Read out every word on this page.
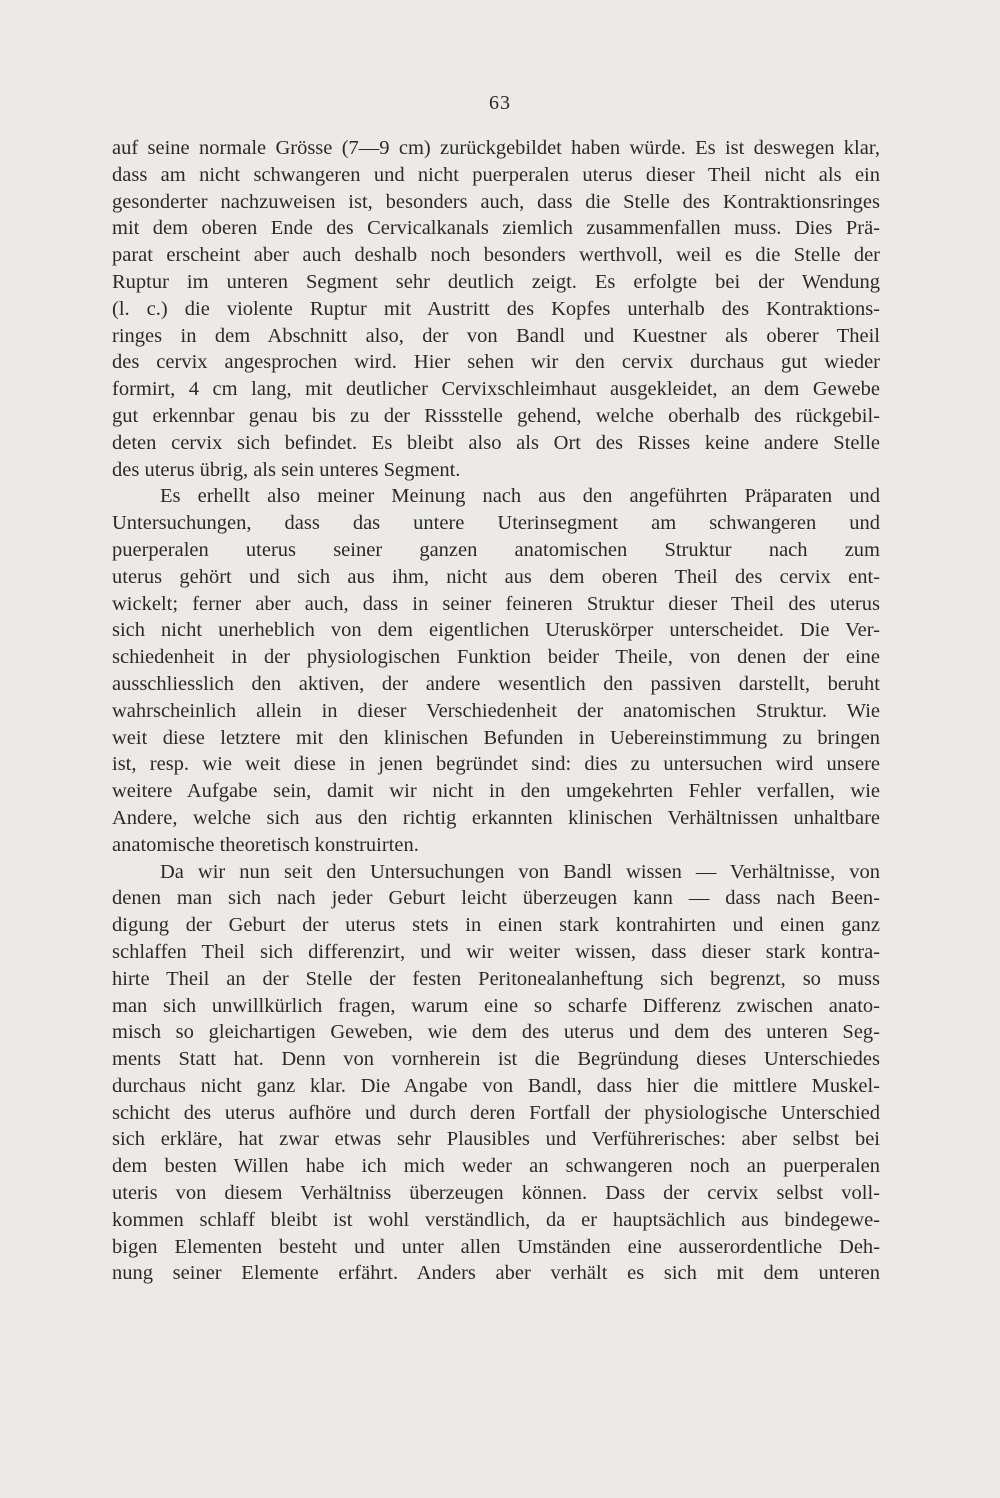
63
auf seine normale Grösse (7—9 cm) zurückgebildet haben würde. Es ist deswegen klar,
dass am nicht schwangeren und nicht puerperalen uterus dieser Theil nicht als ein
gesonderter nachzuweisen ist, besonders auch, dass die Stelle des Kontraktionsringes
mit dem oberen Ende des Cervicalkanals ziemlich zusammenfallen muss. Dies Prä-
parat erscheint aber auch deshalb noch besonders werthvoll, weil es die Stelle der
Ruptur im unteren Segment sehr deutlich zeigt. Es erfolgte bei der Wendung
(l. c.) die violente Ruptur mit Austritt des Kopfes unterhalb des Kontraktions-
ringes in dem Abschnitt also, der von Bandl und Kuestner als oberer Theil
des cervix angesprochen wird. Hier sehen wir den cervix durchaus gut wieder
formirt, 4 cm lang, mit deutlicher Cervixschleimhaut ausgekleidet, an dem Gewebe
gut erkennbar genau bis zu der Rissstelle gehend, welche oberhalb des rückgebil-
deten cervix sich befindet. Es bleibt also als Ort des Risses keine andere Stelle
des uterus übrig, als sein unteres Segment.
Es erhellt also meiner Meinung nach aus den angeführten Präparaten und
Untersuchungen, dass das untere Uterinsegment am schwangeren und
puerperalen uterus seiner ganzen anatomischen Struktur nach zum
uterus gehört und sich aus ihm, nicht aus dem oberen Theil des cervix ent-
wickelt; ferner aber auch, dass in seiner feineren Struktur dieser Theil des uterus
sich nicht unerheblich von dem eigentlichen Uteruskörper unterscheidet. Die Ver-
schiedenheit in der physiologischen Funktion beider Theile, von denen der eine
ausschliesslich den aktiven, der andere wesentlich den passiven darstellt, beruht
wahrscheinlich allein in dieser Verschiedenheit der anatomischen Struktur. Wie
weit diese letztere mit den klinischen Befunden in Uebereinstimmung zu bringen
ist, resp. wie weit diese in jenen begründet sind: dies zu untersuchen wird unsere
weitere Aufgabe sein, damit wir nicht in den umgekehrten Fehler verfallen, wie
Andere, welche sich aus den richtig erkannten klinischen Verhältnissen unhaltbare
anatomische theoretisch konstruirten.
Da wir nun seit den Untersuchungen von Bandl wissen — Verhältnisse, von
denen man sich nach jeder Geburt leicht überzeugen kann — dass nach Been-
digung der Geburt der uterus stets in einen stark kontrahirten und einen ganz
schlaffen Theil sich differenzirt, und wir weiter wissen, dass dieser stark kontra-
hirte Theil an der Stelle der festen Peritonealanheftung sich begrenzt, so muss
man sich unwillkürlich fragen, warum eine so scharfe Differenz zwischen anato-
misch so gleichartigen Geweben, wie dem des uterus und dem des unteren Seg-
ments Statt hat. Denn von vornherein ist die Begründung dieses Unterschiedes
durchaus nicht ganz klar. Die Angabe von Bandl, dass hier die mittlere Muskel-
schicht des uterus aufhöre und durch deren Fortfall der physiologische Unterschied
sich erkläre, hat zwar etwas sehr Plausibles und Verführerisches: aber selbst bei
dem besten Willen habe ich mich weder an schwangeren noch an puerperalen
uteris von diesem Verhältniss überzeugen können. Dass der cervix selbst voll-
kommen schlaff bleibt ist wohl verständlich, da er hauptsächlich aus bindegewe-
bigen Elementen besteht und unter allen Umständen eine ausserordentliche Deh-
nung seiner Elemente erfährt. Anders aber verhält es sich mit dem unteren
